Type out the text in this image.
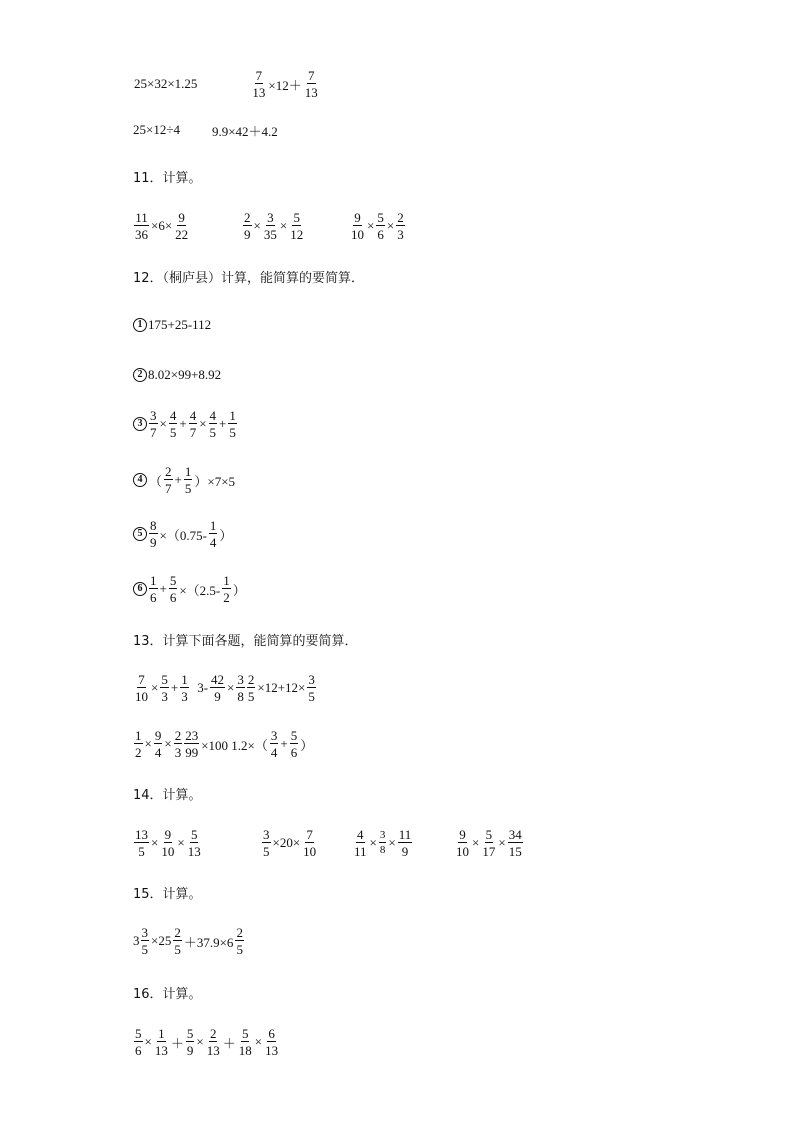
25×32×1.25	$\frac{7}{13} \times 12+ \frac{7}{13}$
25×12÷4 9.9×42＋4.2
11．计算。
$\frac{11}{36} \times 6\times \frac{9}{22}$	$\frac{2}{9} \times \frac{3}{35} \times \frac{5}{12}$	$\frac{9}{10} \times \frac{5}{6} \times \frac{2}{3}$
12．（桐庐县）计算，能简算的要简算．
1 175+25-112
2 8.02×99+8.92
$3 \frac{3}{7} \times \frac{4}{5} + \frac{4}{7} \times \frac{4}{5} + \frac{1}{5}$
4 （ $\frac{2}{7} + \frac{1}{5} )\times 7\times 5$
$5 \frac{8}{9} \times(0.75- \frac{1}{4}$ ）
$6 \frac{1}{6} + \frac{5}{6} \times(2.5- \frac{1}{2}$ ）
13．计算下面各题，能简算的要简算．
$\frac{7}{10} \times \frac{5}{3} + \frac{1}{3} 3- \frac{42}{9} \times \frac{3}{8} \frac{2}{5} \times 12+12\times \frac{3}{5}$
$\frac{1}{2} \times \frac{9}{4} \times \frac{2}{3} \frac{23}{99} \times 100$ $1.2\times( \frac{3}{4} + \frac{5}{6}$ ）
14．计算。
$\frac{13}{5} \times \frac{9}{10} \times \frac{5}{13}$	$\frac{3}{5} \times 20\times \frac{7}{10}$	$\frac{4}{11} \times \frac{3}{8} \times \frac{11}{9}$	$\frac{9}{10} \times \frac{5}{17} \times \frac{34}{15}$
15．计算。
$3 \frac{3}{5} \times 25 \frac{2}{5} +37.9\times 6 \frac{2}{5}$
16．计算。
$\frac{5}{6} \times \frac{1}{13} + \frac{5}{9} \times \frac{2}{13} + \frac{5}{18} \times \frac{6}{13}$
